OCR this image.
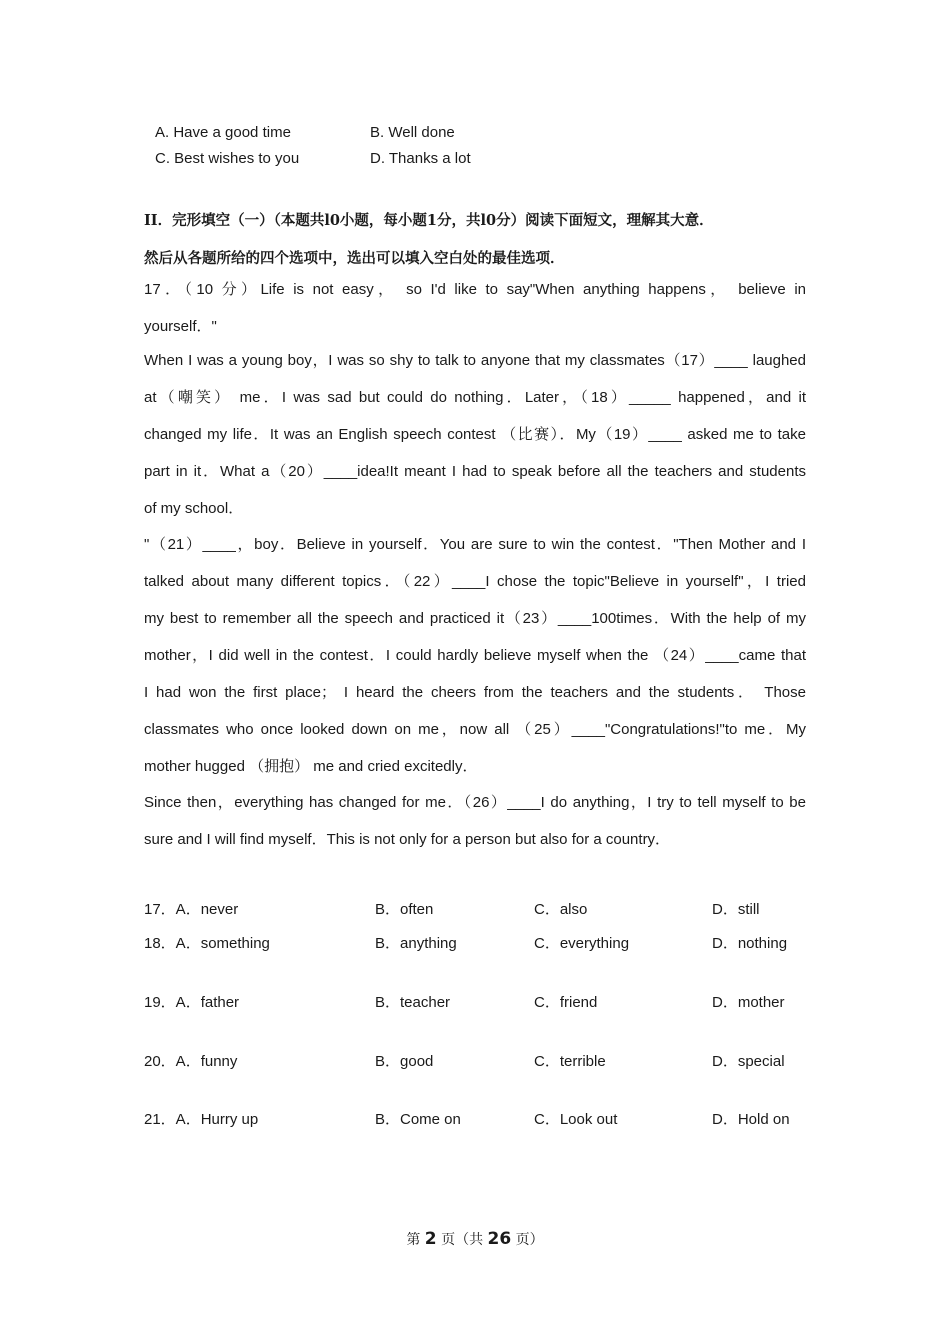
A. Have a good time	B. Well done
C. Best wishes to you	D. Thanks a lot
II．完形填空（一）（本题共l0小题，每小题1分，共l0分）阅读下面短文，理解其大意．
然后从各题所给的四个选项中，选出可以填入空白处的最佳选项．
17．（10 分）Life is not easy， so I'd like to say"When anything happens， believe in
yourself．"
When I was a young boy，I was so shy to talk to anyone that my classmates（17）____ laughed
at（嘲笑） me．I was sad but could do nothing．Later，（18）_____ happened，and it
changed my life．It was an English speech contest （比赛）．My（19）____ asked me to take
part in it．What a（20）____idea!It meant I had to speak before all the teachers and students
of my school．
"（21）____，boy．Believe in yourself．You are sure to win the contest．"Then Mother and I
talked about many different topics．（22）____I chose the topic"Believe in yourself"，I tried
my best to remember all the speech and practiced it（23）____100times．With the help of my
mother，I did well in the contest．I could hardly believe myself when the （24）____came that
I had won the first place； I heard the cheers from the teachers and the students． Those
classmates who once looked down on me，now all （25）____"Congratulations!"to me．My
mother hugged （拥抱） me and cried excitedly．
Since then，everything has changed for me．（26）____I do anything，I try to tell myself to be
sure and I will find myself．This is not only for a person but also for a country．
17．A．never	B．often	C．also	D．still
18．A．something	B．anything	C．everything	D．nothing
19．A．father	B．teacher	C．friend	D．mother
20．A．funny	B．good	C．terrible	D．special
21．A．Hurry up	B．Come on	C．Look out	D．Hold on
第 2 页（共 26 页）
